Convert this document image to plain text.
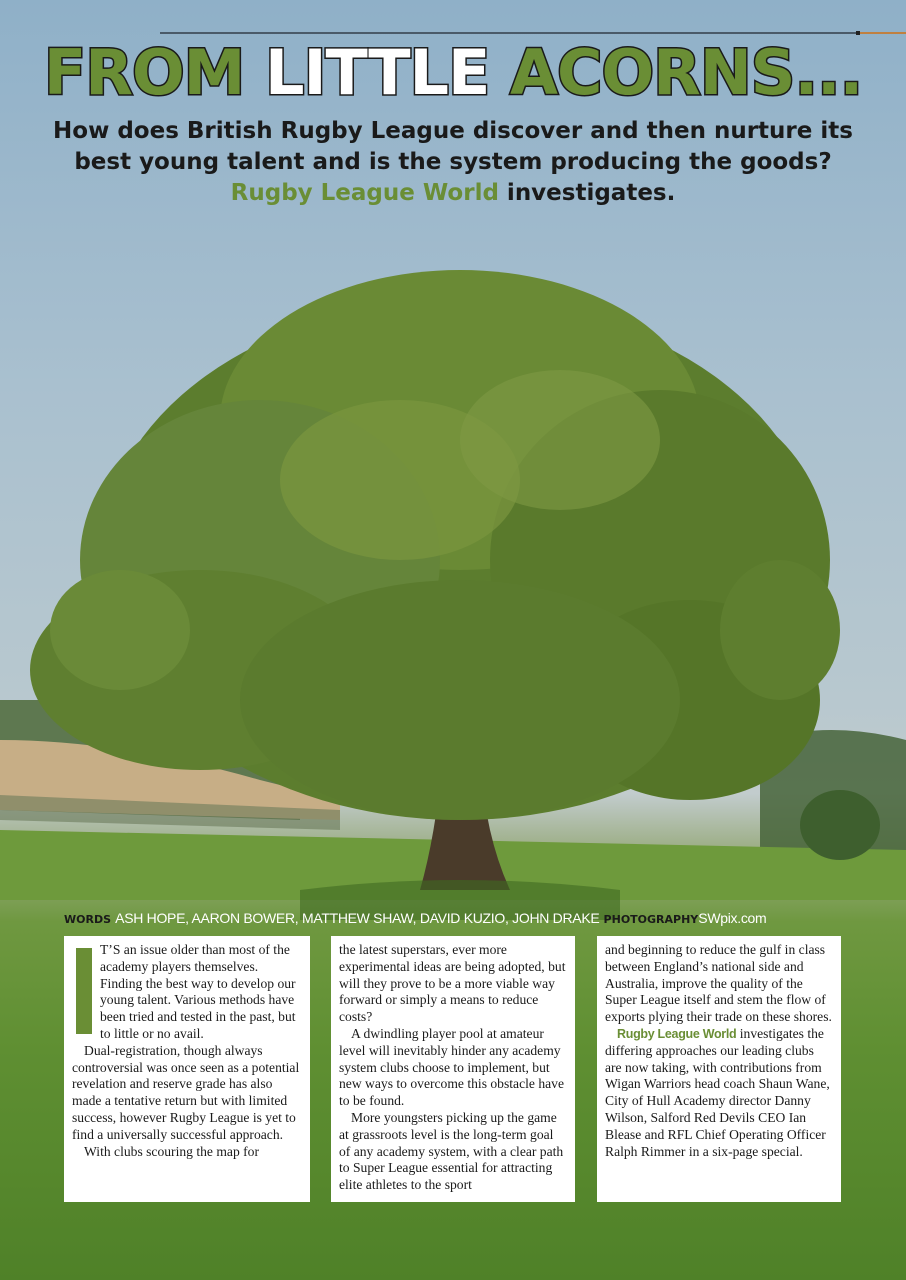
FROM LITTLE ACORNS...
How does British Rugby League discover and then nurture its best young talent and is the system producing the goods? Rugby League World investigates.
WORDS ASH HOPE, AARON BOWER, MATTHEW SHAW, DAVID KUZIO, JOHN DRAKE PHOTOGRAPHYSWpix.com

T’S an issue older than most of the academy players themselves. Finding the best way to develop our young talent. Various methods have been tried and tested in the past, but to little or no avail.

Dual-registration, though always controversial was once seen as a potential revelation and reserve grade has also made a tentative return but with limited success, however Rugby League is yet to find a universally successful approach.

With clubs scouring the map for

the latest superstars, ever more experimental ideas are being adopted, but will they prove to be a more viable way forward or simply a means to reduce costs?

A dwindling player pool at amateur level will inevitably hinder any academy system clubs choose to implement, but new ways to overcome this obstacle have to be found.

More youngsters picking up the game at grassroots level is the long-term goal of any academy system, with a clear path to Super League essential for attracting elite athletes to the sport

and beginning to reduce the gulf in class between England’s national side and Australia, improve the quality of the Super League itself and stem the flow of exports plying their trade on these shores.

Rugby League World investigates the differing approaches our leading clubs are now taking, with contributions from Wigan Warriors head coach Shaun Wane, City of Hull Academy director Danny Wilson, Salford Red Devils CEO Ian Blease and RFL Chief Operating Officer Ralph Rimmer in a six-page special.
